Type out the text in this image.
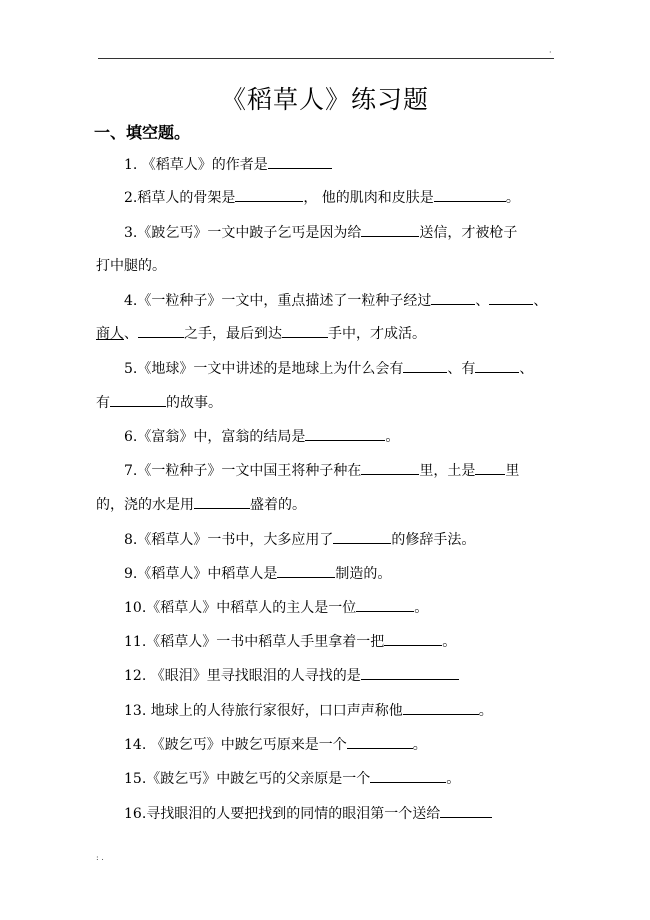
·
《稻草人》练习题
一、填空题。
1. 《稻草人》的作者是
2.稻草人的骨架是	， 他的肌肉和皮肤是	。
3.《跛乞丐》一文中跛子乞丐是因为给	送信，才被枪子
打中腿的。
4.《一粒种子》一文中，重点描述了一粒种子经过	、	、
商人、	之手，最后到达	手中，才成活。
5.《地球》一文中讲述的是地球上为什么会有	、有	、
有	的故事。
6.《富翁》中，富翁的结局是	。
7.《一粒种子》一文中国王将种子种在	里，土是 里
的，浇的水是用	盛着的。
8.《稻草人》一书中，大多应用了	的修辞手法。
9.《稻草人》中稻草人是	制造的。
10.《稻草人》中稻草人的主人是一位	。
11.《稻草人》一书中稻草人手里拿着一把	。
12. 《眼泪》里寻找眼泪的人寻找的是
13. 地球上的人待旅行家很好，口口声声称他	。
14. 《跛乞丐》中跛乞丐原来是一个	。
15.《跛乞丐》中跛乞丐的父亲原是一个	。
16.寻找眼泪的人要把找到的同情的眼泪第一个送给
: .
